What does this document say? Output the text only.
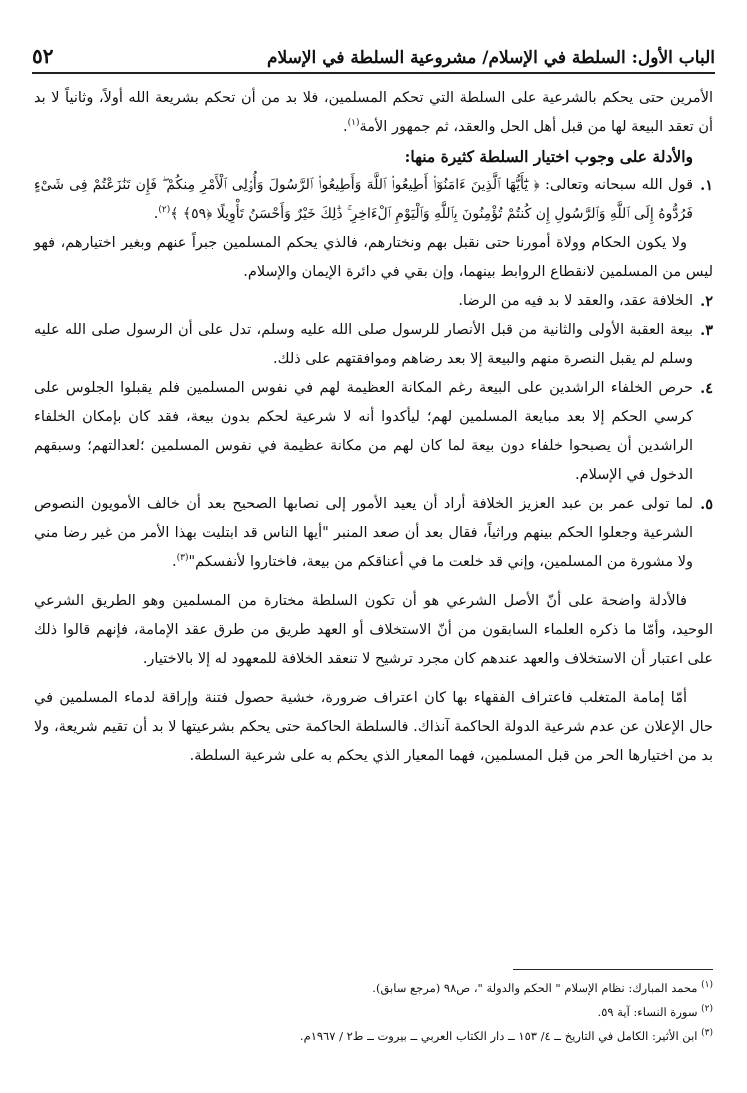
الباب الأول: السلطة في الإسلام/ مشروعية السلطة في الإسلام
٥٢

الأمرين حتى يحكم بالشرعية على السلطة التي تحكم المسلمين، فلا بد من أن تحكم بشريعة الله أولاً، وثانياً لا بد أن تعقد البيعة لها من قبل أهل الحل والعقد، ثم جمهور الأمة$^{(١)}$.

والأدلة على وجوب اختيار السلطة كثيرة منها:

١.

قول الله سبحانه وتعالى: ﴿ يَٰٓأَيُّهَا ٱلَّذِينَ ءَامَنُوٓا۟ أَطِيعُوا۟ ٱللَّهَ وَأَطِيعُوا۟ ٱلرَّسُولَ وَأُو۟لِى ٱلْأَمْرِ مِنكُمْ ۖ فَإِن تَنَٰزَعْتُمْ فِى شَىْءٍ فَرُدُّوهُ إِلَى ٱللَّهِ وَٱلرَّسُولِ إِن كُنتُمْ تُؤْمِنُونَ بِٱللَّهِ وَٱلْيَوْمِ ٱلْءَاخِرِ ۚ ذَٰلِكَ خَيْرٌ وَأَحْسَنُ تَأْوِيلًا ﴿٥٩﴾ ﴾$^{(٢)}$.

ولا يكون الحكام وولاة أمورنا حتى نقبل بهم ونختارهم، فالذي يحكم المسلمين جبراً عنهم وبغير اختيارهم، فهو ليس من المسلمين لانقطاع الروابط بينهما، وإن بقي في دائرة الإيمان والإسلام.

٢.

الخلافة عقد، والعقد لا بد فيه من الرضا.

٣.

بيعة العقبة الأولى والثانية من قبل الأنصار للرسول صلى الله عليه وسلم، تدل على أن الرسول صلى الله عليه وسلم لم يقبل النصرة منهم والبيعة إلا بعد رضاهم وموافقتهم على ذلك.

٤.

حرص الخلفاء الراشدين على البيعة رغم المكانة العظيمة لهم في نفوس المسلمين فلم يقبلوا الجلوس على كرسي الحكم إلا بعد مبايعة المسلمين لهم؛ ليأكدوا أنه لا شرعية لحكم بدون بيعة، فقد كان بإمكان الخلفاء الراشدين أن يصبحوا خلفاء دون بيعة لما كان لهم من مكانة عظيمة في نفوس المسلمين ؛لعدالتهم؛ وسبقهم الدخول في الإسلام.

٥.

لما تولى عمر بن عبد العزيز الخلافة أراد أن يعيد الأمور إلى نصابها الصحيح بعد أن خالف الأمويون النصوص الشرعية وجعلوا الحكم بينهم وراثياً، فقال بعد أن صعد المنبر "أيها الناس قد ابتليت بهذا الأمر من غير رضا مني ولا مشورة من المسلمين، وإني قد خلعت ما في أعناقكم من بيعة، فاختاروا لأنفسكم"$^{(٣)}$.

فالأدلة واضحة على أنّ الأصل الشرعي هو أن تكون السلطة مختارة من المسلمين وهو الطريق الشرعي الوحيد، وأمّا ما ذكره العلماء السابقون من أنّ الاستخلاف أو العهد طريق من طرق عقد الإمامة، فإنهم قالوا ذلك على اعتبار أن الاستخلاف والعهد عندهم كان مجرد ترشيح لا تنعقد الخلافة للمعهود له إلا بالاختيار.

أمّا إمامة المتغلب فاعتراف الفقهاء بها كان اعتراف ضرورة، خشية حصول فتنة وإراقة لدماء المسلمين في حال الإعلان عن عدم شرعية الدولة الحاكمة آنذاك. فالسلطة الحاكمة حتى يحكم بشرعيتها لا بد أن تقيم شريعة، ولا بد من اختيارها الحر من قبل المسلمين، فهما المعيار الذي يحكم به على شرعية السلطة.

$^{(١)}$ محمد المبارك: نظام الإسلام " الحكم والدولة "، ص٩٨ (مرجع سابق).

$^{(٢)}$ سورة النساء: آية ٥٩.

$^{(٣)}$ ابن الأثير: الكامل في التاريخ ــ ٤/ ١٥٣ ــ دار الكتاب العربي ــ بيروت ــ ط٢ / ١٩٦٧م.
